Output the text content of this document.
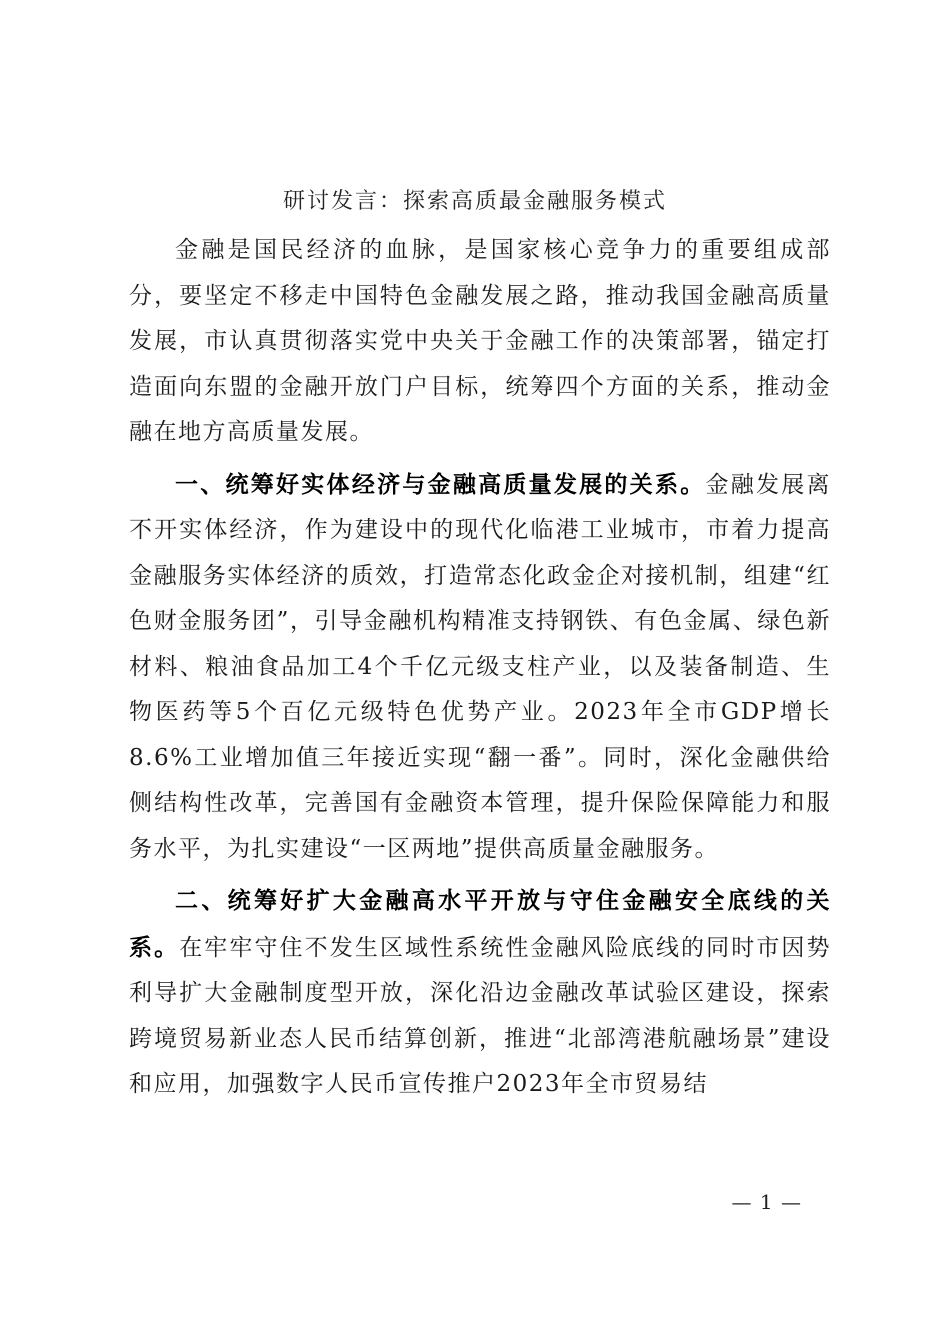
研讨发言：探索高质最金融服务模式

金融是国民经济的血脉，是国家核心竞争力的重要组成部分，要坚定不移走中国特色金融发展之路，推动我国金融高质量发展，市认真贯彻落实党中央关于金融工作的决策部署，锚定打造面向东盟的金融开放门户目标，统筹四个方面的关系，推动金融在地方高质量发展。

一、统筹好实体经济与金融高质量发展的关系。金融发展离不开实体经济，作为建设中的现代化临港工业城市，市着力提高金融服务实体经济的质效，打造常态化政金企对接机制，组建“红色财金服务团”，引导金融机构精准支持钢铁、有色金属、绿色新材料、粮油食品加工4个千亿元级支柱产业，以及装备制造、生物医药等5个百亿元级特色优势产业。2023年全市GDP增长8.6%工业增加值三年接近实现“翻一番”。同时，深化金融供给侧结构性改革，完善国有金融资本管理，提升保险保障能力和服务水平，为扎实建设“一区两地”提供高质量金融服务。

二、统筹好扩大金融高水平开放与守住金融安全底线的关系。在牢牢守住不发生区域性系统性金融风险底线的同时市因势利导扩大金融制度型开放，深化沿边金融改革试验区建设，探索跨境贸易新业态人民币结算创新，推进“北部湾港航融场景”建设和应用，加强数字人民币宣传推户2023年全市贸易结

— 1 —
